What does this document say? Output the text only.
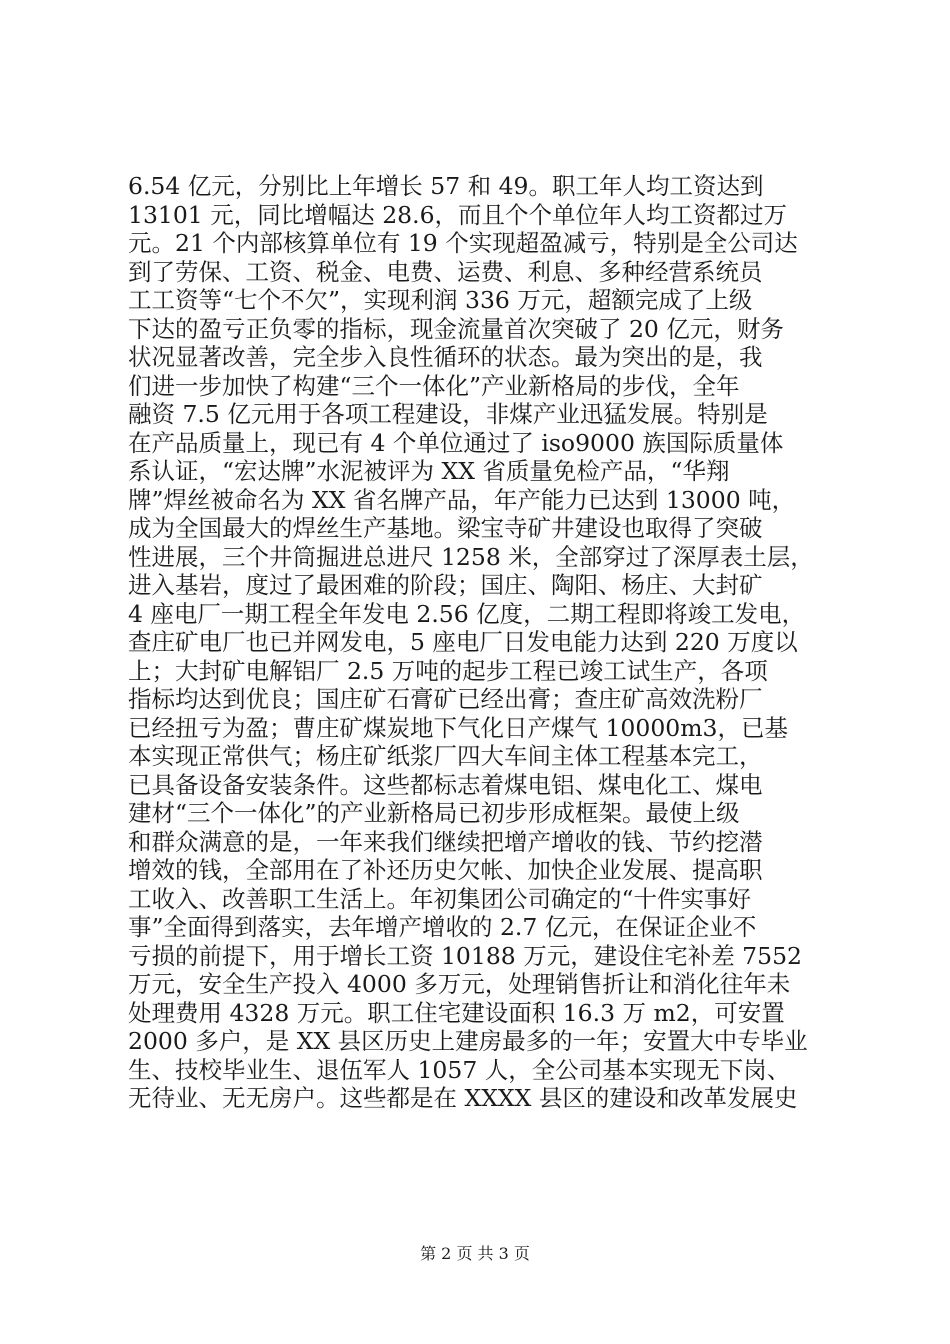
6.54 亿元，分别比上年增长 57 和 49。职工年人均工资达到
13101 元，同比增幅达 28.6，而且个个单位年人均工资都过万
元。21 个内部核算单位有 19 个实现超盈减亏，特别是全公司达
到了劳保、工资、税金、电费、运费、利息、多种经营系统员
工工资等“七个不欠”，实现利润 336 万元，超额完成了上级
下达的盈亏正负零的指标，现金流量首次突破了 20 亿元，财务
状况显著改善，完全步入良性循环的状态。最为突出的是，我
们进一步加快了构建“三个一体化”产业新格局的步伐，全年
融资 7.5 亿元用于各项工程建设，非煤产业迅猛发展。特别是
在产品质量上，现已有 4 个单位通过了 iso9000 族国际质量体
系认证，“宏达牌”水泥被评为 XX 省质量免检产品，“华翔
牌”焊丝被命名为 XX 省名牌产品，年产能力已达到 13000 吨，
成为全国最大的焊丝生产基地。梁宝寺矿井建设也取得了突破
性进展，三个井筒掘进总进尺 1258 米，全部穿过了深厚表土层，
进入基岩，度过了最困难的阶段；国庄、陶阳、杨庄、大封矿
4 座电厂一期工程全年发电 2.56 亿度，二期工程即将竣工发电，
查庄矿电厂也已并网发电，5 座电厂日发电能力达到 220 万度以
上；大封矿电解铝厂 2.5 万吨的起步工程已竣工试生产，各项
指标均达到优良；国庄矿石膏矿已经出膏；查庄矿高效洗粉厂
已经扭亏为盈；曹庄矿煤炭地下气化日产煤气 10000m3，已基
本实现正常供气；杨庄矿纸浆厂四大车间主体工程基本完工，
已具备设备安装条件。这些都标志着煤电铝、煤电化工、煤电
建材“三个一体化”的产业新格局已初步形成框架。最使上级
和群众满意的是，一年来我们继续把增产增收的钱、节约挖潜
增效的钱，全部用在了补还历史欠帐、加快企业发展、提高职
工收入、改善职工生活上。年初集团公司确定的“十件实事好
事”全面得到落实，去年增产增收的 2.7 亿元，在保证企业不
亏损的前提下，用于增长工资 10188 万元，建设住宅补差 7552
万元，安全生产投入 4000 多万元，处理销售折让和消化往年未
处理费用 4328 万元。职工住宅建设面积 16.3 万 m2，可安置
2000 多户，是 XX 县区历史上建房最多的一年；安置大中专毕业
生、技校毕业生、退伍军人 1057 人，全公司基本实现无下岗、
无待业、无无房户。这些都是在 XXXX 县区的建设和改革发展史
第 2 页 共 3 页
